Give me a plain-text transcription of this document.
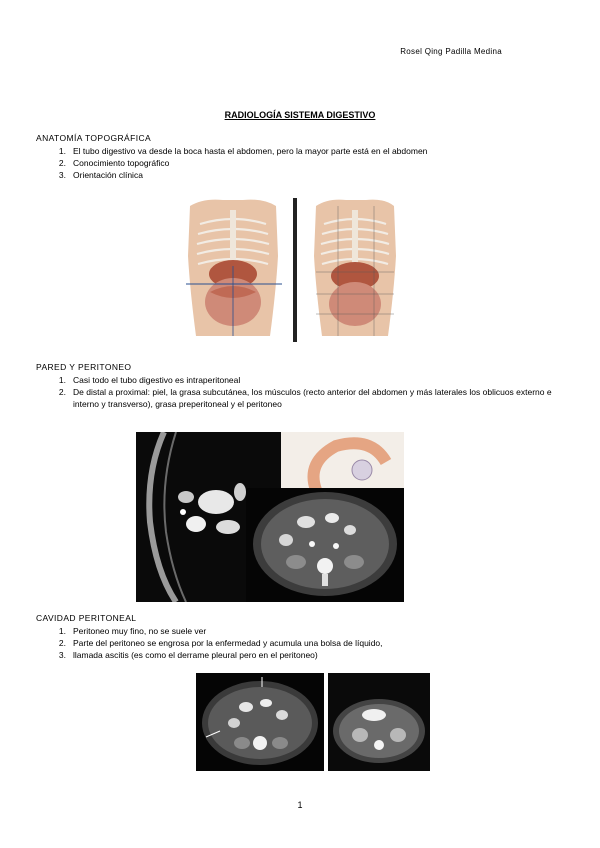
Rosel Qing Padilla Medina
RADIOLOGÍA SISTEMA DIGESTIVO
ANATOMÍA TOPOGRÁFICA
1. El tubo digestivo va desde la boca hasta el abdomen, pero la mayor parte está en el abdomen
2. Conocimiento topográfico
3. Orientación clínica
PARED Y PERITONEO
1. Casi todo el tubo digestivo es intraperitoneal
2. De distal a proximal: piel, la grasa subcutánea, los músculos (recto anterior del abdomen y más laterales los oblicuos externo e interno y transverso), grasa preperitoneal y el peritoneo
CAVIDAD PERITONEAL
1. Peritoneo muy fino, no se suele ver
2. Parte del peritoneo se engrosa por la enfermedad y acumula una bolsa de líquido,
3. llamada ascitis (es como el derrame pleural pero en el peritoneo)
1
